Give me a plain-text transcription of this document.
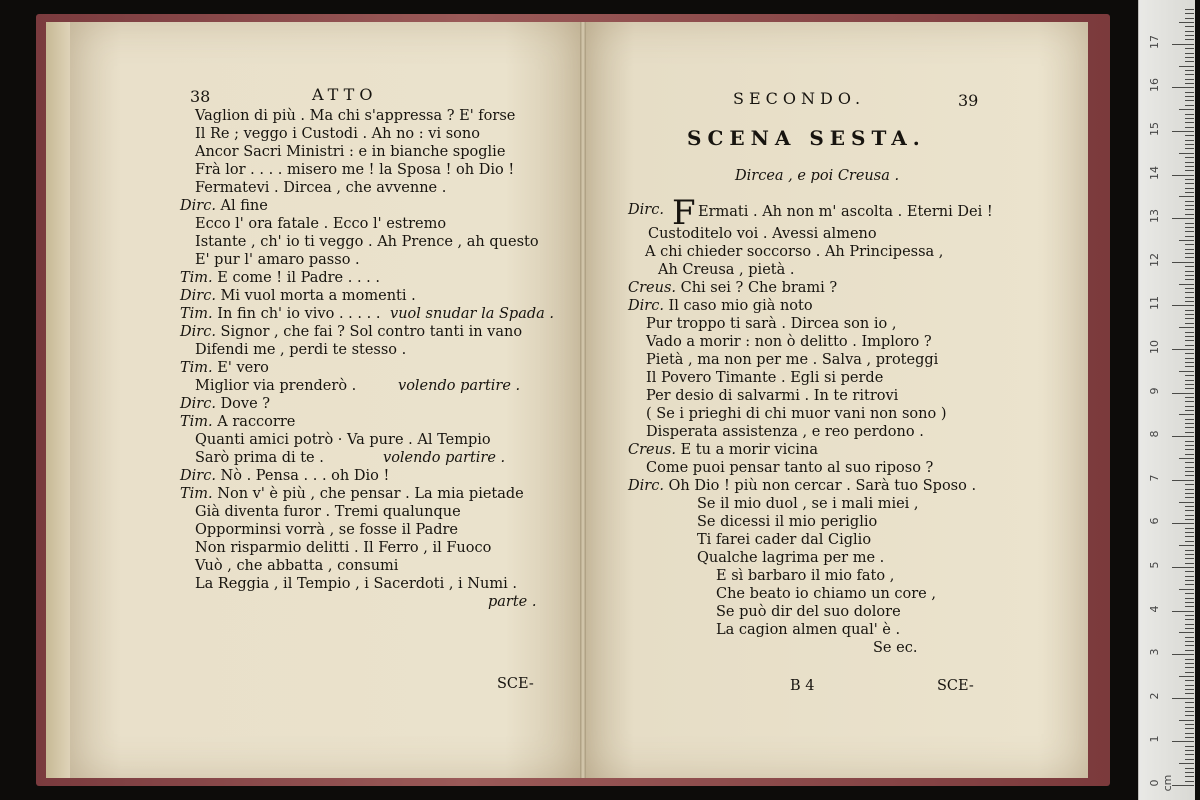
38	ATTO
Vaglion di più . Ma chi s'appressa ? E' forse
Il Re ; veggo i Custodi . Ah no : vi sono
Ancor Sacri Ministri : e in bianche spoglie
Frà lor . . . . misero me ! la Sposa ! oh Dio !
Fermatevi . Dircea , che avvenne .
Dirc. Al fine
Ecco l' ora fatale . Ecco l' estremo
Istante , ch' io ti veggo . Ah Prence , ah questo
E' pur l' amaro passo .
Tim. E come ! il Padre . . . .
Dirc. Mi vuol morta a momenti .
Tim. In fin ch' io vivo . . . . .
Dirc. Signor , che fai ? Sol contro tanti in vano
Difendi me , perdi te stesso .
Tim. E' vero
Miglior via prenderò .
Dirc. Dove ?
Tim. A raccorre
Quanti amici potrò · Va pure . Al Tempio
Sarò prima di te .
Dirc. Nò . Pensa . . . oh Dio !
Tim. Non v' è più , che pensar . La mia pietade
Già diventa furor . Tremi qualunque
Opporminsi vorrà , se fosse il Padre
Non risparmio delitti . Il Ferro , il Fuoco
Vuò , che abbatta , consumi
La Reggia , il Tempio , i Sacerdoti , i Numi .
vuol snudar la Spada .
volendo partire .
volendo partire .
parte .
SCE-
SECONDO.	39
SCENA SESTA.
Dircea , e poi Creusa .
Dirc. F Ermati . Ah non m' ascolta . Eterni Dei !
Custoditelo voi . Avessi almeno
A chi chieder soccorso . Ah Principessa ,
Ah Creusa , pietà .
Creus. Chi sei ? Che brami ?
Dirc. Il caso mio già noto
Pur troppo ti sarà . Dircea son io ,
Vado a morir : non ò delitto . Imploro ?
Pietà , ma non per me . Salva , proteggi
Il Povero Timante . Egli si perde
Per desio di salvarmi . In te ritrovi
( Se i prieghi di chi muor vani non sono )
Disperata assistenza , e reo perdono .
Creus. E tu a morir vicina
Come puoi pensar tanto al suo riposo ?
Dirc. Oh Dio ! più non cercar . Sarà tuo Sposo .
Se il mio duol , se i mali miei ,
Se dicessi il mio periglio
Ti farei cader dal Ciglio
Qualche lagrima per me .
E sì barbaro il mio fato ,
Che beato io chiamo un core ,
Se può dir del suo dolore
La cagion almen qual' è .
Se ec.
B 4	SCE-
0 cm
1
2
3
4
5
6
7
8
9
10
11
12
13
14
15
16
17
